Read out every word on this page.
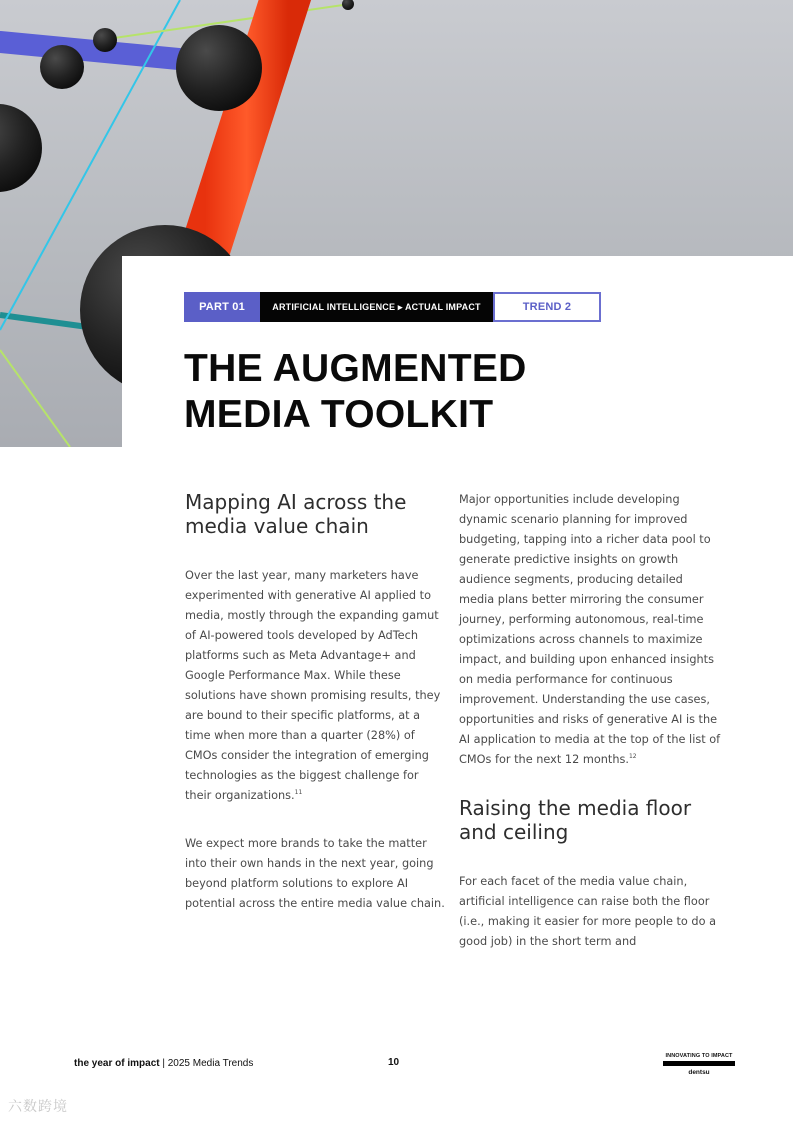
PART 01	ARTIFICIAL INTELLIGENCE ▸ ACTUAL IMPACT	TREND 2
THE AUGMENTED
MEDIA TOOLKIT
Mapping AI across the
media value chain

Over the last year, many marketers have experimented with generative AI applied to media, mostly through the expanding gamut of AI-powered tools developed by AdTech platforms such as Meta Advantage+ and Google Performance Max. While these solutions have shown promising results, they are bound to their specific platforms, at a time when more than a quarter (28%) of CMOs consider the integration of emerging technologies as the biggest challenge for their organizations.$^{11}$

We expect more brands to take the matter into their own hands in the next year, going beyond platform solutions to explore AI potential across the entire media value chain.

Major opportunities include developing dynamic scenario planning for improved budgeting, tapping into a richer data pool to generate predictive insights on growth audience segments, producing detailed media plans better mirroring the consumer journey, performing autonomous, real-time optimizations across channels to maximize impact, and building upon enhanced insights on media performance for continuous improvement. Understanding the use cases, opportunities and risks of generative AI is the AI application to media at the top of the list of CMOs for the next 12 months.$^{12}$

Raising the media floor
and ceiling

For each facet of the media value chain, artificial intelligence can raise both the floor (i.e., making it easier for more people to do a good job) in the short term and

the year of impact | 2025 Media Trends	10
INNOVATING TO IMPACT
dentsu
六数跨境
